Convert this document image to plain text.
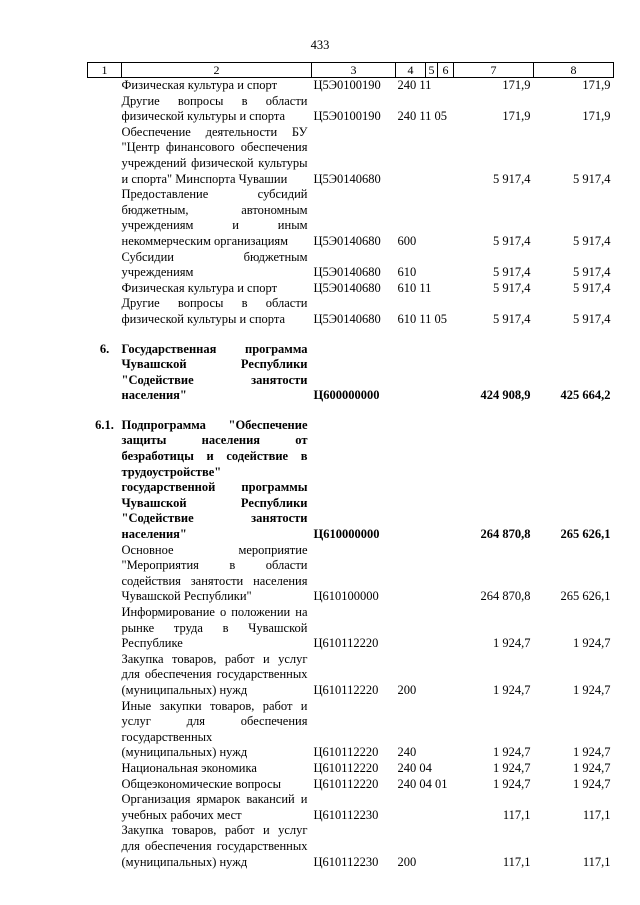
433
1	2	3	4	5	6	7	8
	Физическая культура и спорт	Ц5Э0100190	240 11			171,9	171,9
	Другие вопросы в области физической культуры и спорта	Ц5Э0100190	240 11 05			171,9	171,9
	Обеспечение деятельности БУ "Центр финансового обеспечения учреждений физической культуры и спорта" Минспорта Чувашии	Ц5Э0140680				5 917,4	5 917,4
	Предоставление субсидий бюджетным, автономным учреждениям и иным некоммерческим организациям	Ц5Э0140680	600			5 917,4	5 917,4
	Субсидии бюджетным учреждениям	Ц5Э0140680	610			5 917,4	5 917,4
	Физическая культура и спорт	Ц5Э0140680	610 11			5 917,4	5 917,4
	Другие вопросы в области физической культуры и спорта	Ц5Э0140680	610 11 05			5 917,4	5 917,4

6.	Государственная программа Чувашской Республики "Содействие занятости населения"	Ц600000000				424 908,9	425 664,2

6.1.	Подпрограмма "Обеспечение защиты населения от безработицы и содействие в трудоустройстве" государственной программы Чувашской Республики "Содействие занятости населения"	Ц610000000				264 870,8	265 626,1
	Основное мероприятие "Мероприятия в области содействия занятости населения Чувашской Республики"	Ц610100000				264 870,8	265 626,1
	Информирование о положении на рынке труда в Чувашской Республике	Ц610112220				1 924,7	1 924,7
	Закупка товаров, работ и услуг для обеспечения государственных (муниципальных) нужд	Ц610112220	200			1 924,7	1 924,7
	Иные закупки товаров, работ и услуг для обеспечения государственных (муниципальных) нужд	Ц610112220	240			1 924,7	1 924,7
	Национальная экономика	Ц610112220	240 04			1 924,7	1 924,7
	Общеэкономические вопросы	Ц610112220	240 04 01			1 924,7	1 924,7
	Организация ярмарок вакансий и учебных рабочих мест	Ц610112230				117,1	117,1
	Закупка товаров, работ и услуг для обеспечения государственных (муниципальных) нужд	Ц610112230	200			117,1	117,1
